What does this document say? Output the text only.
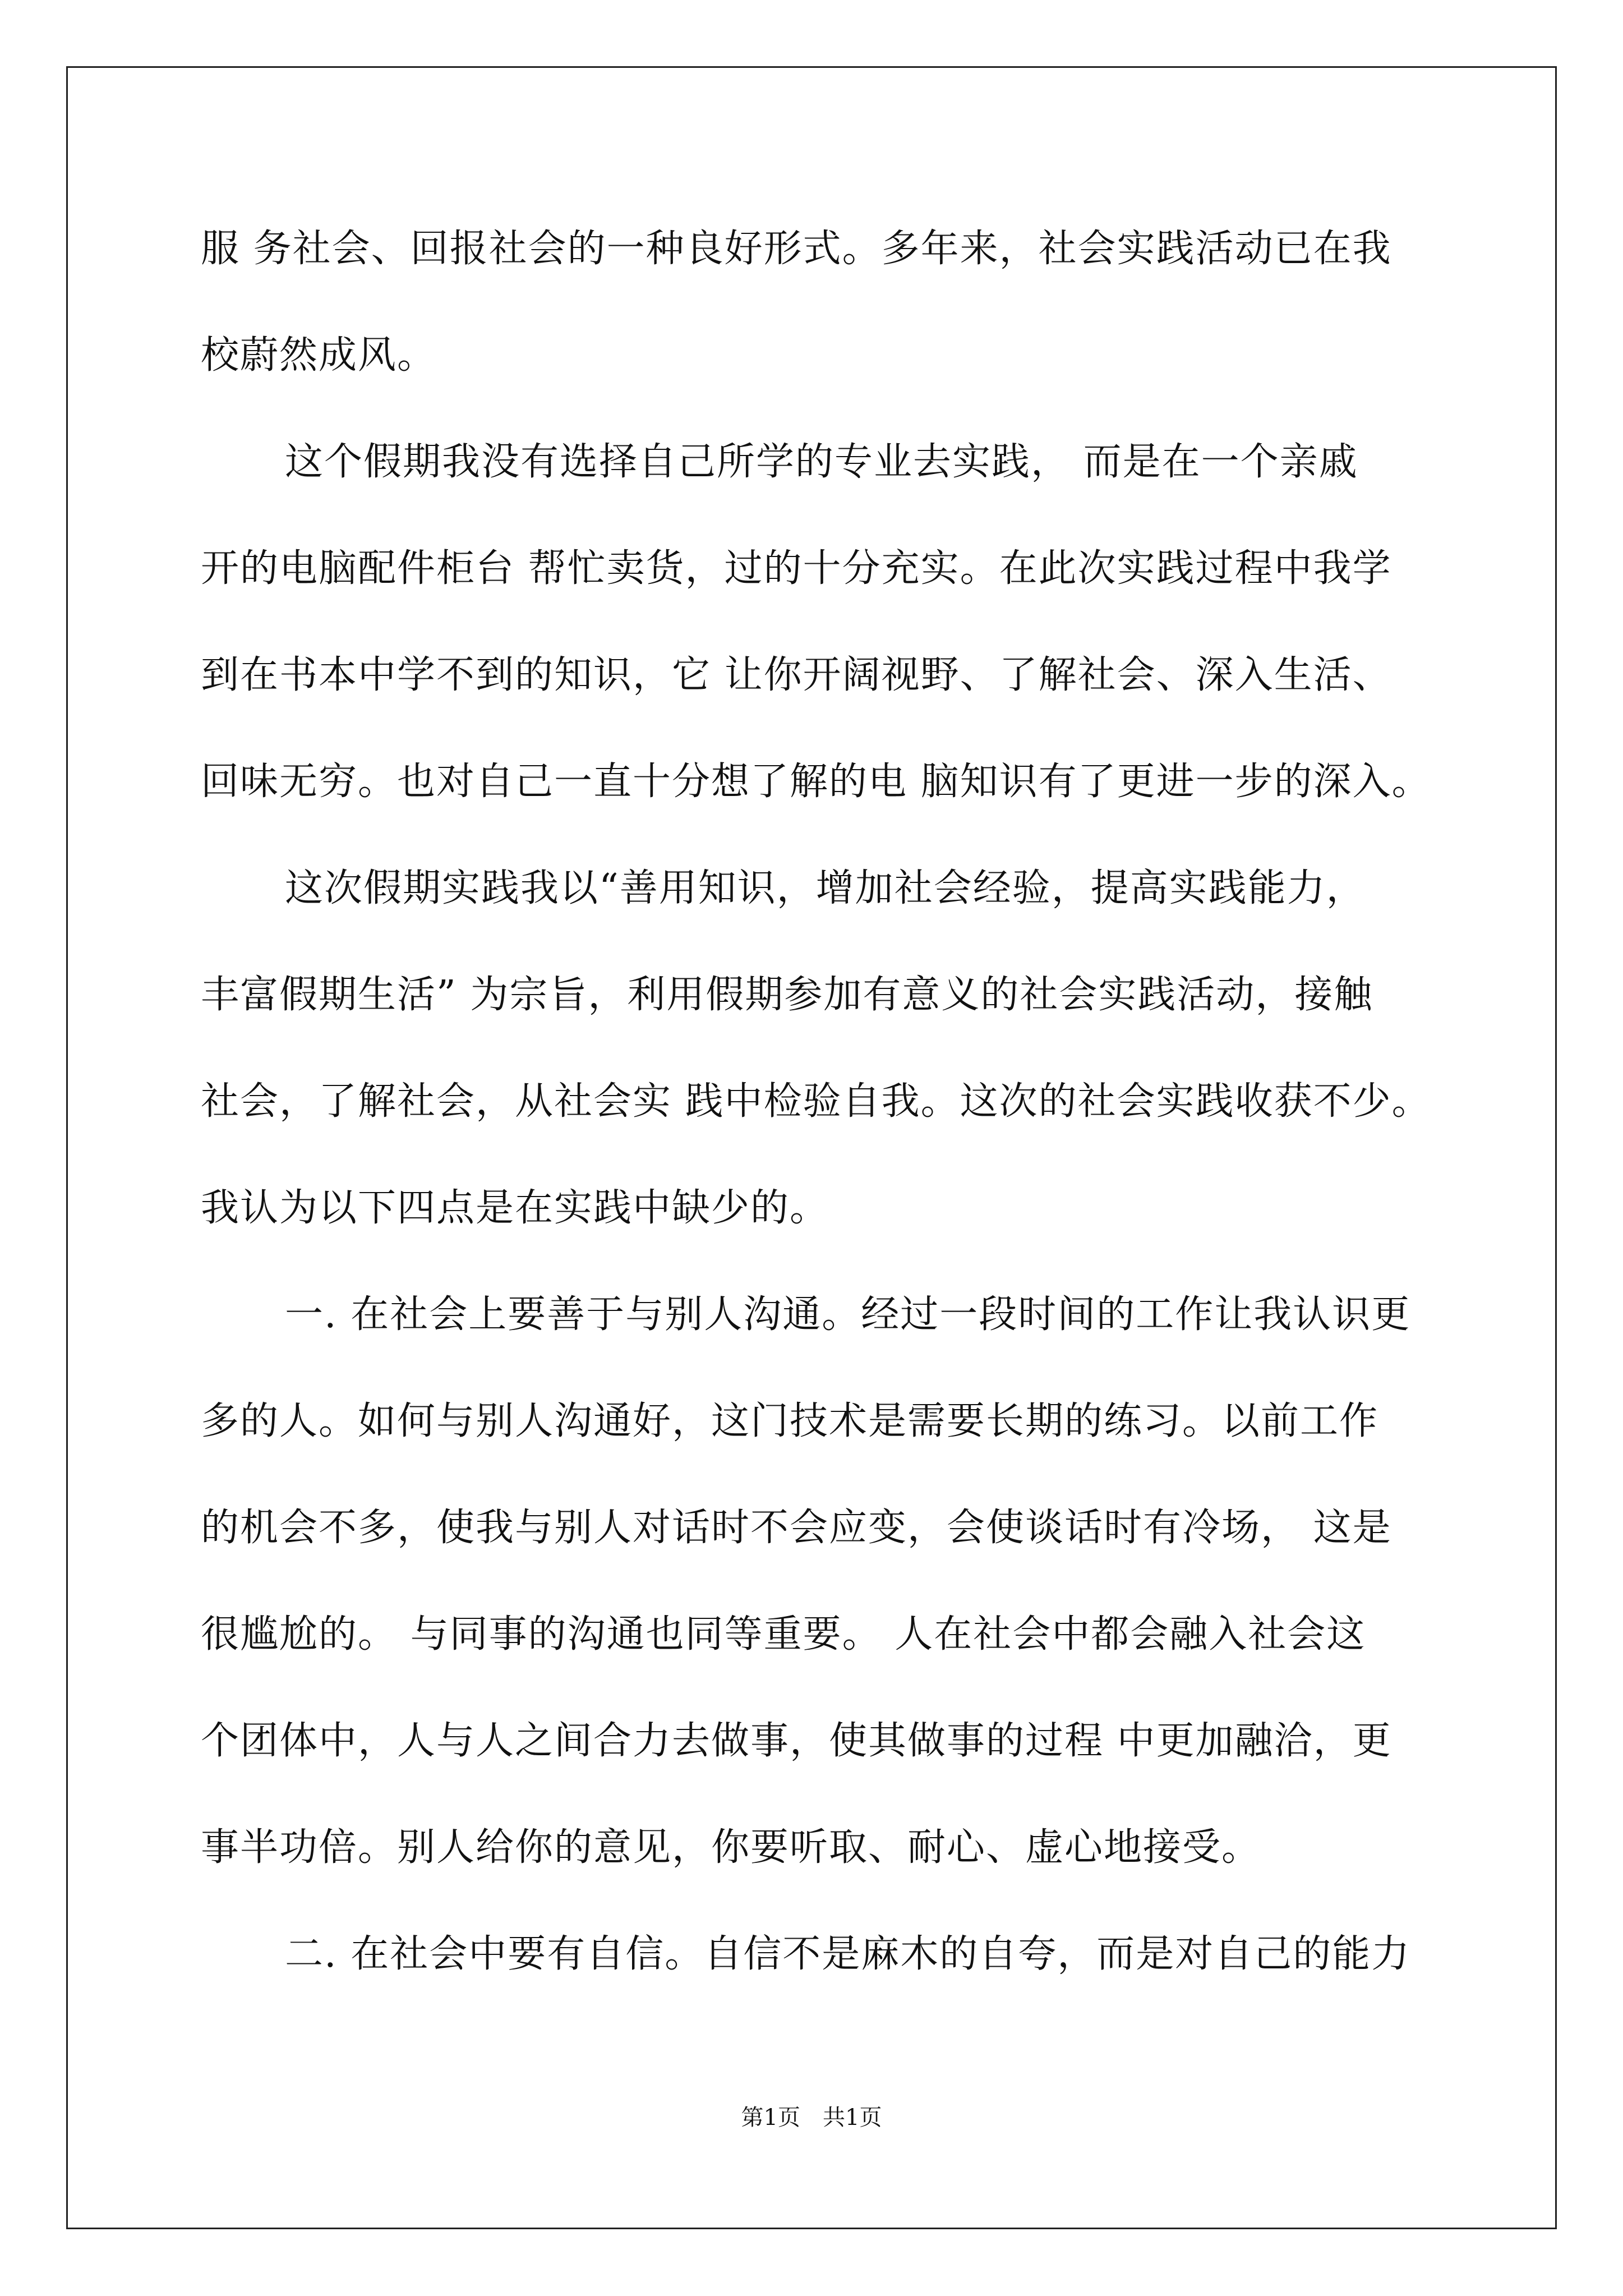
服 务社会、回报社会的一种良好形式。多年来，社会实践活动已在我
校蔚然成风。
这个假期我没有选择自己所学的专业去实践， 而是在一个亲戚
开的电脑配件柜台 帮忙卖货，过的十分充实。在此次实践过程中我学
到在书本中学不到的知识，它 让你开阔视野、了解社会、深入生活、
回味无穷。也对自己一直十分想了解的电 脑知识有了更进一步的深入。
这次假期实践我以“善用知识，增加社会经验，提高实践能力，
丰富假期生活” 为宗旨，利用假期参加有意义的社会实践活动，接触
社会，了解社会，从社会实 践中检验自我。这次的社会实践收获不少。
我认为以下四点是在实践中缺少的。
一. 在社会上要善于与别人沟通。经过一段时间的工作让我认识更
多的人。如何与别人沟通好，这门技术是需要长期的练习。以前工作
的机会不多，使我与别人对话时不会应变，会使谈话时有冷场， 这是
很尴尬的。 与同事的沟通也同等重要。 人在社会中都会融入社会这
个团体中，人与人之间合力去做事，使其做事的过程 中更加融洽，更
事半功倍。别人给你的意见，你要听取、耐心、虚心地接受。
二. 在社会中要有自信。自信不是麻木的自夸，而是对自己的能力
第1页　共1页
